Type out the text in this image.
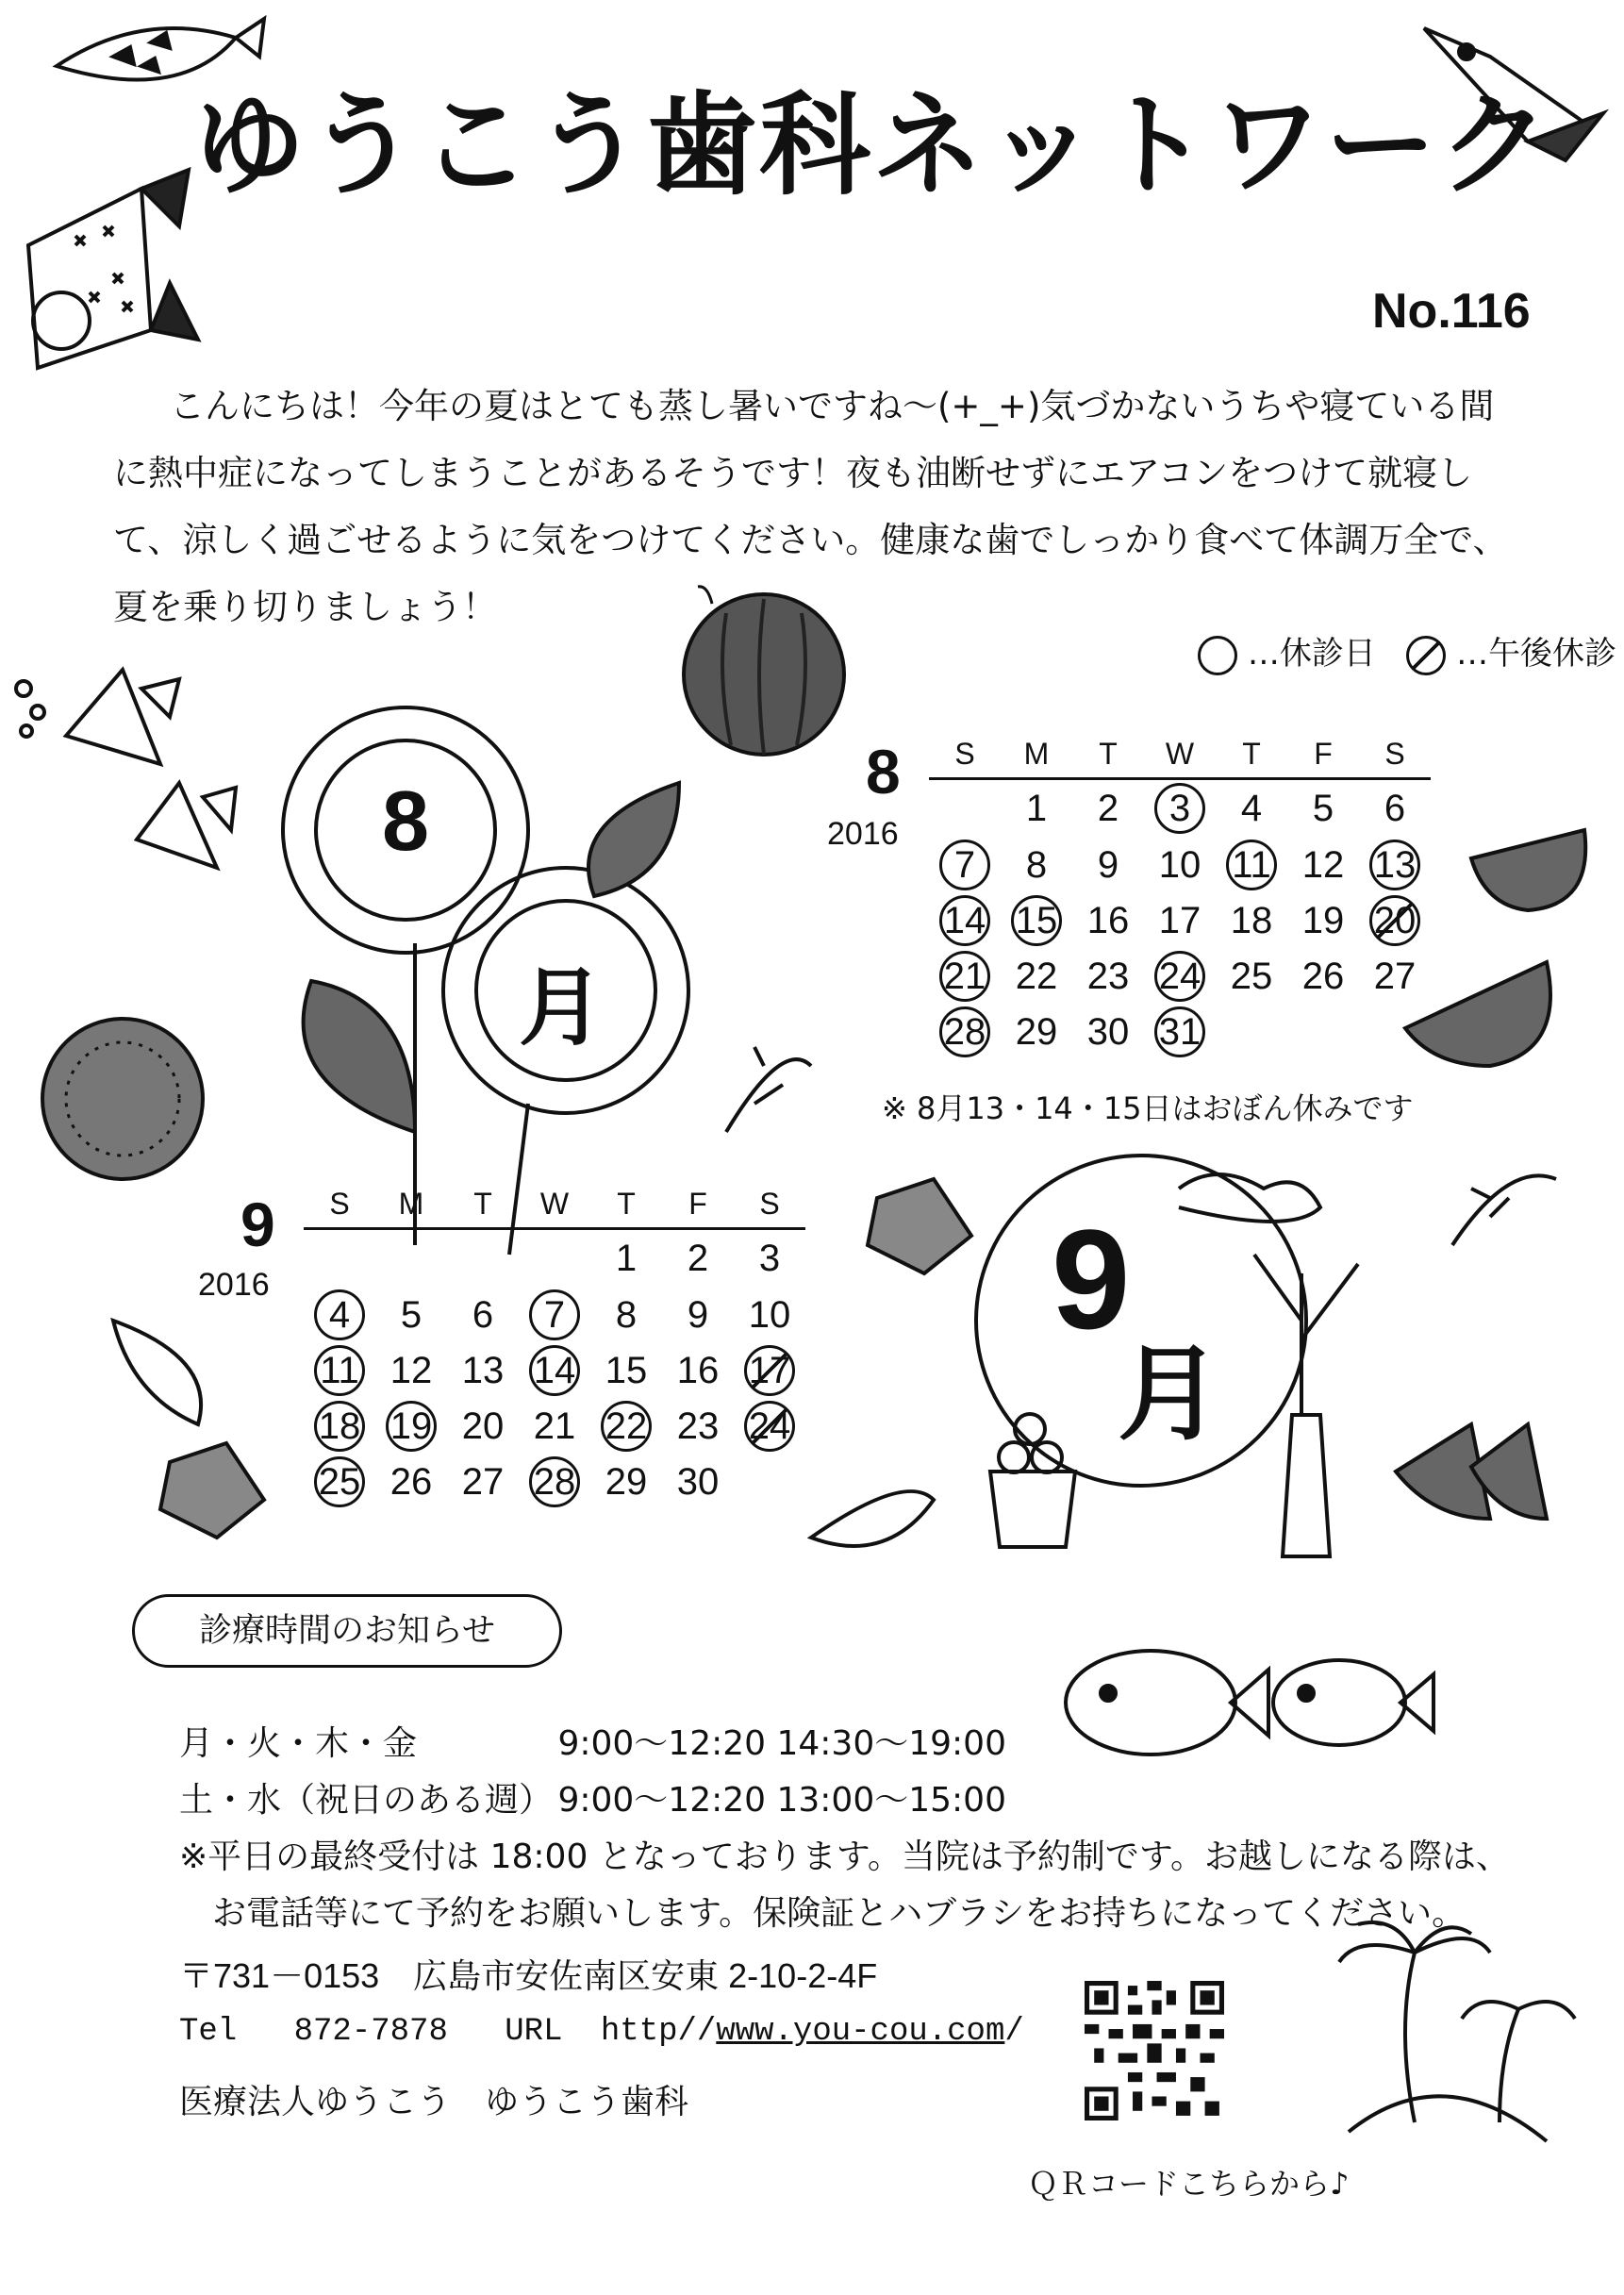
ゆうこう歯科ネットワーク
No.116

こんにちは！今年の夏はとても蒸し暑いですね～(+_+)気づかないうちや寝ている間に熱中症になってしまうことがあるそうです！夜も油断せずにエアコンをつけて就寝して、涼しく過ごせるように気をつけてください。健康な歯でしっかり食べて体調万全で、夏を乗り切りましょう！

…休診日	…午後休診
8
月
8
2016
S	M	T	W	T	F	S
	1	2	3	4	5	6
7	8	9	10	11	12	13
14	15	16	17	18	19	20
21	22	23	24	25	26	27
28	29	30	31			
※ 8月13・14・15日はおぼん休みです
9
2016
S	M	T	W	T	F	S
				1	2	3
4	5	6	7	8	9	10
11	12	13	14	15	16	17
18	19	20	21	22	23	24
25	26	27	28	29	30	
9
月
診療時間のお知らせ
月・火・木・金	9:00～12:20 14:30～19:00
土・水（祝日のある週） 9:00～12:20 13:00～15:00
※平日の最終受付は 18:00 となっております。当院は予約制です。お越しになる際は、
お電話等にて予約をお願いします。保険証とハブラシをお持ちになってください。
〒731－0153　広島市安佐南区安東 2-10-2-4F
Tel 872-7878 URL http//www.you-cou.com/
医療法人ゆうこう　ゆうこう歯科
ＱＲコードこちらから♪
